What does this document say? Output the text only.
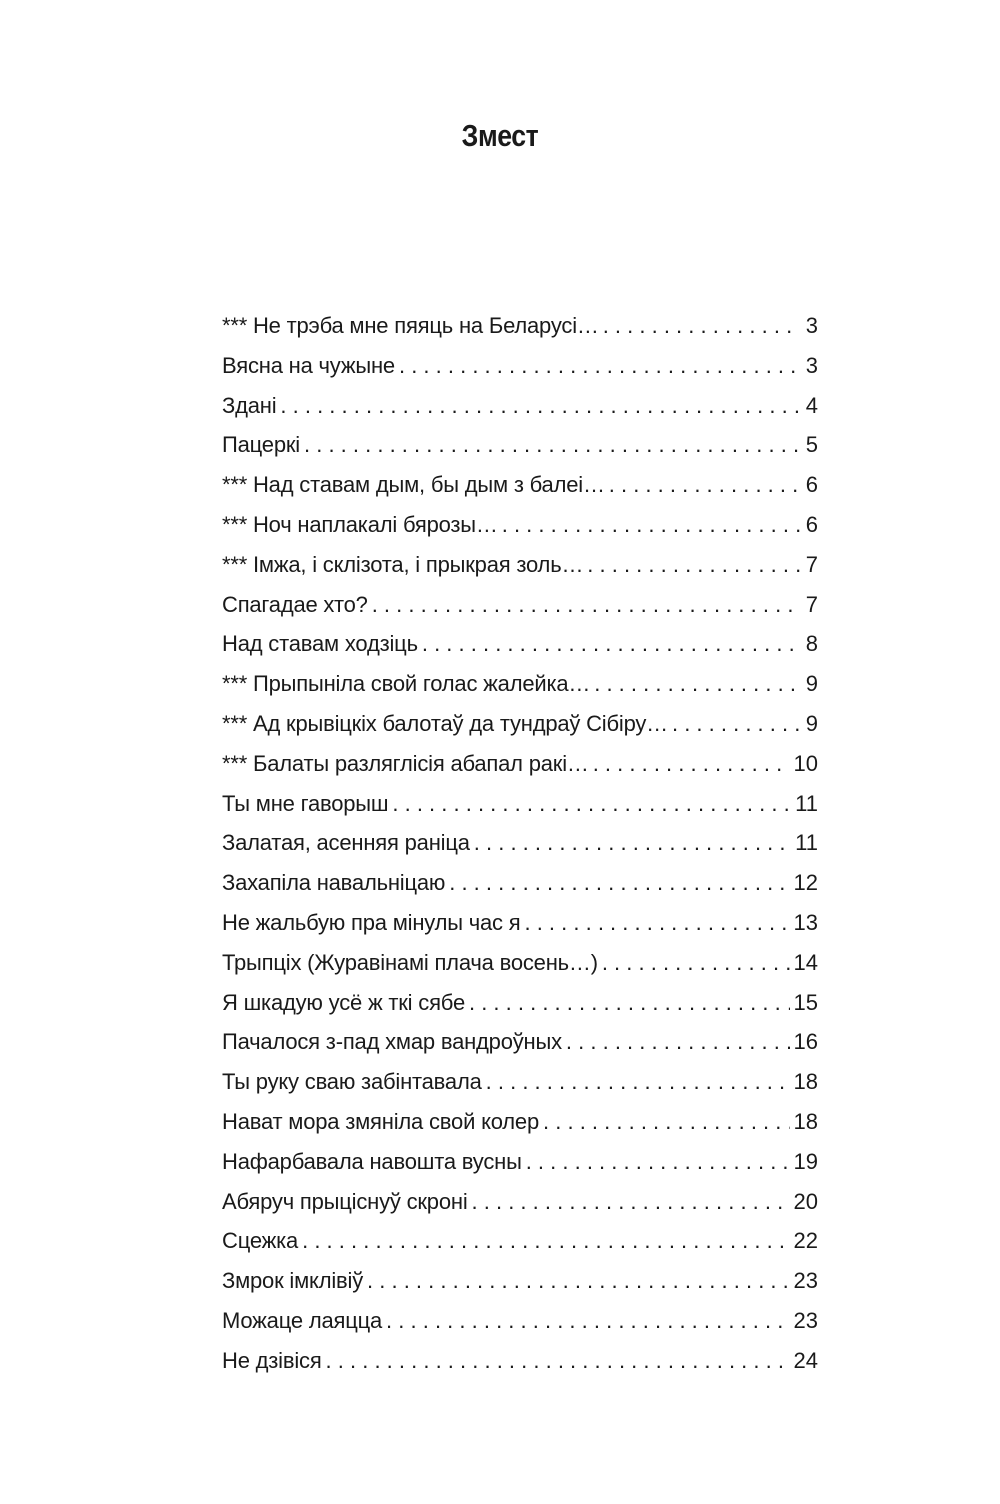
Змест
*** Не трэба мне пяяць на Беларусі… . . .	3
Вясна на чужыне . . .	3
Здані . . .	4
Пацеркі . . .	5
*** Над ставам дым, бы дым з балеі… . . .	6
*** Ноч наплакалі бярозы… . . .	6
*** Імжа, і склізота, і прыкрая золь… . . .	7
Спагадае хто? . . .	7
Над ставам ходзіць . . .	8
*** Прыпыніла свой голас жалейка… . . .	9
*** Ад крывіцкіх балотаў да тундраў Сібіру… . . .	9
*** Балаты разляглісія абапал ракі… . . .	10
Ты мне гаворыш . . .	11
Залатая, асенняя раніца . . .	11
Захапіла навальніцаю . . .	12
Не жальбую пра мінулы час я . . .	13
Трыпціх (Журавінамі плача восень…) . . .	14
Я шкадую усё ж ткі сябе . . .	15
Пачалося з-пад хмар вандроўных . . .	16
Ты руку сваю забінтавала . . .	18
Нават мора змяніла свой колер . . .	18
Нафарбавала навошта вусны . . .	19
Абяруч прыціснуў скроні . . .	20
Сцежка . . .	22
Змрок імклівіў . . .	23
Можаце лаяцца . . .	23
Не дзівіся . . .	24
